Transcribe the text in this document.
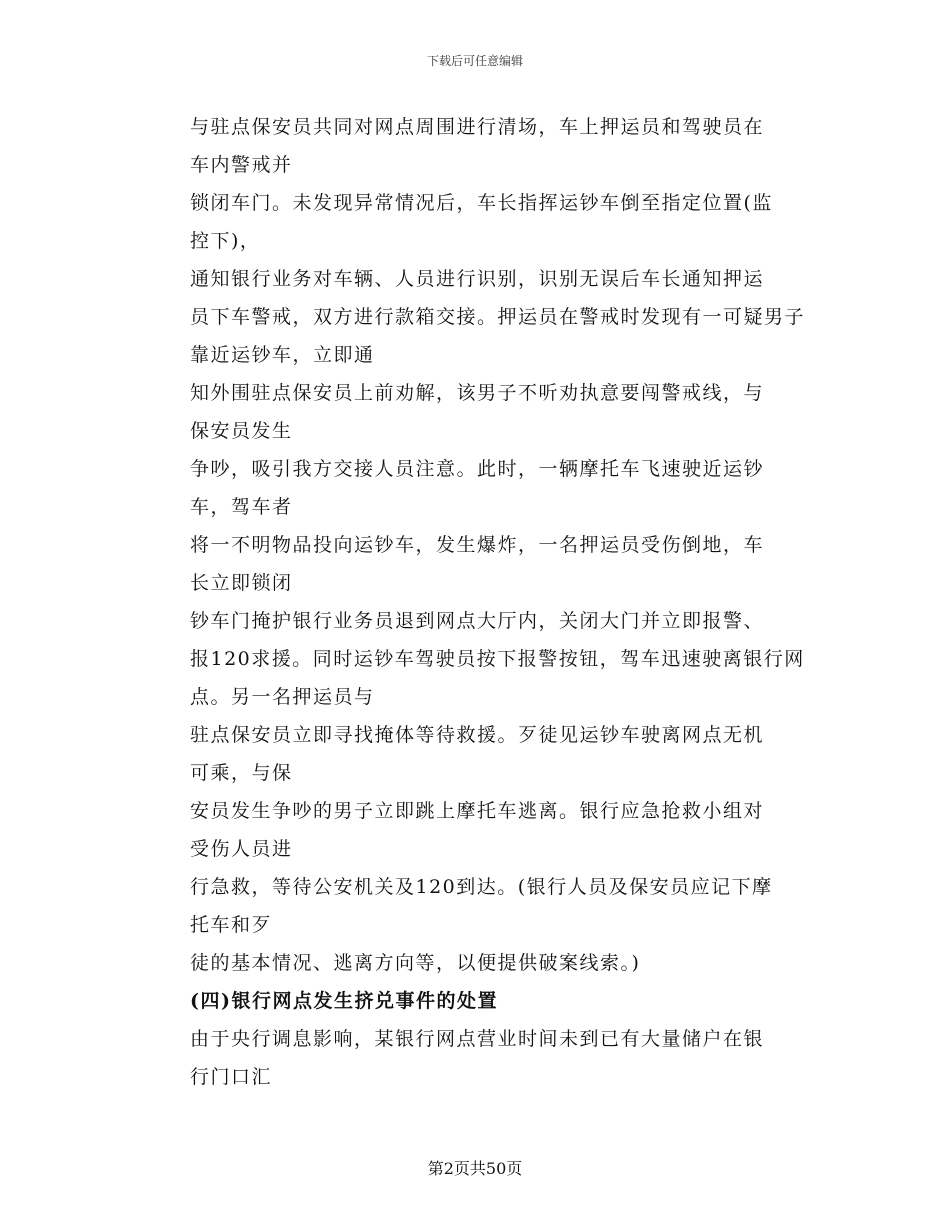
下载后可任意编辑

与驻点保安员共同对网点周围进行清场，车上押运员和驾驶员在
车内警戒并

锁闭车门。未发现异常情况后，车长指挥运钞车倒至指定位置(监
控下)，

通知银行业务对车辆、人员进行识别，识别无误后车长通知押运
员下车警戒，双方进行款箱交接。押运员在警戒时发现有一可疑男子
靠近运钞车，立即通

知外围驻点保安员上前劝解，该男子不听劝执意要闯警戒线，与
保安员发生

争吵，吸引我方交接人员注意。此时，一辆摩托车飞速驶近运钞
车，驾车者

将一不明物品投向运钞车，发生爆炸，一名押运员受伤倒地，车
长立即锁闭

钞车门掩护银行业务员退到网点大厅内，关闭大门并立即报警、
报120求援。同时运钞车驾驶员按下报警按钮，驾车迅速驶离银行网
点。另一名押运员与

驻点保安员立即寻找掩体等待救援。歹徒见运钞车驶离网点无机
可乘，与保

安员发生争吵的男子立即跳上摩托车逃离。银行应急抢救小组对
受伤人员进

行急救，等待公安机关及120到达。(银行人员及保安员应记下摩
托车和歹

徒的基本情况、逃离方向等，以便提供破案线索。)

(四)银行网点发生挤兑事件的处置

由于央行调息影响，某银行网点营业时间未到已有大量储户在银
行门口汇

第2页共50页
